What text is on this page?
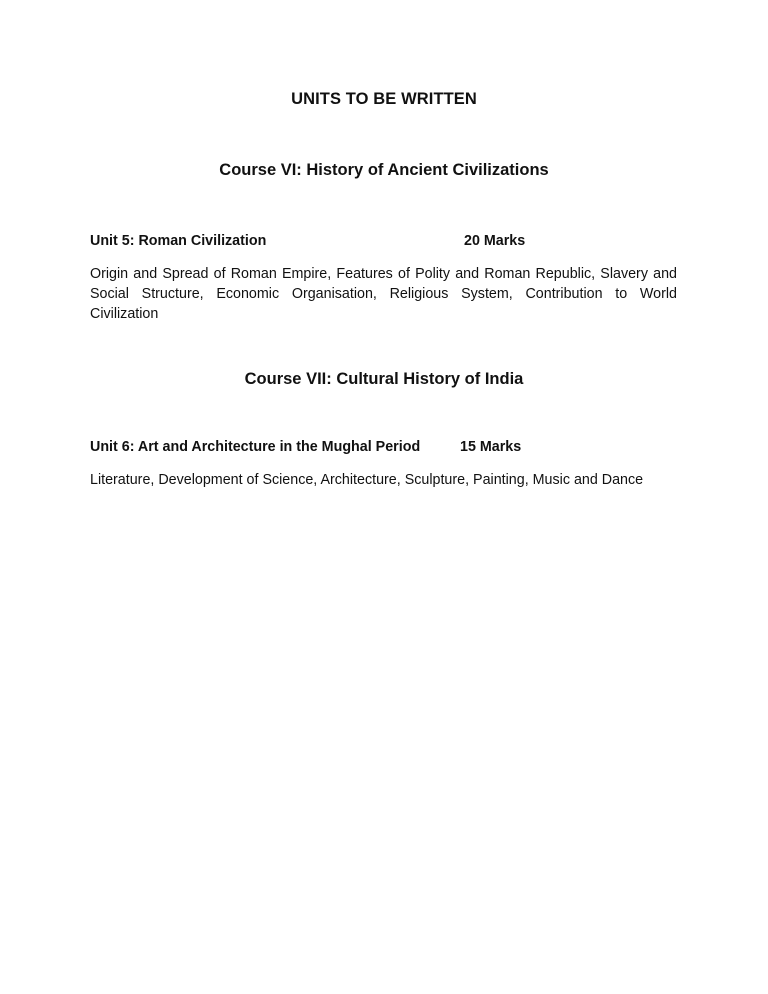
UNITS TO BE WRITTEN
Course VI: History of Ancient Civilizations
Unit 5: Roman Civilization	20 Marks
Origin and Spread of Roman Empire, Features of Polity and Roman Republic, Slavery and Social Structure, Economic Organisation, Religious System, Contribution to World Civilization
Course VII: Cultural History of India
Unit 6: Art and Architecture in the Mughal Period	15 Marks
Literature, Development of Science, Architecture, Sculpture, Painting, Music and Dance
